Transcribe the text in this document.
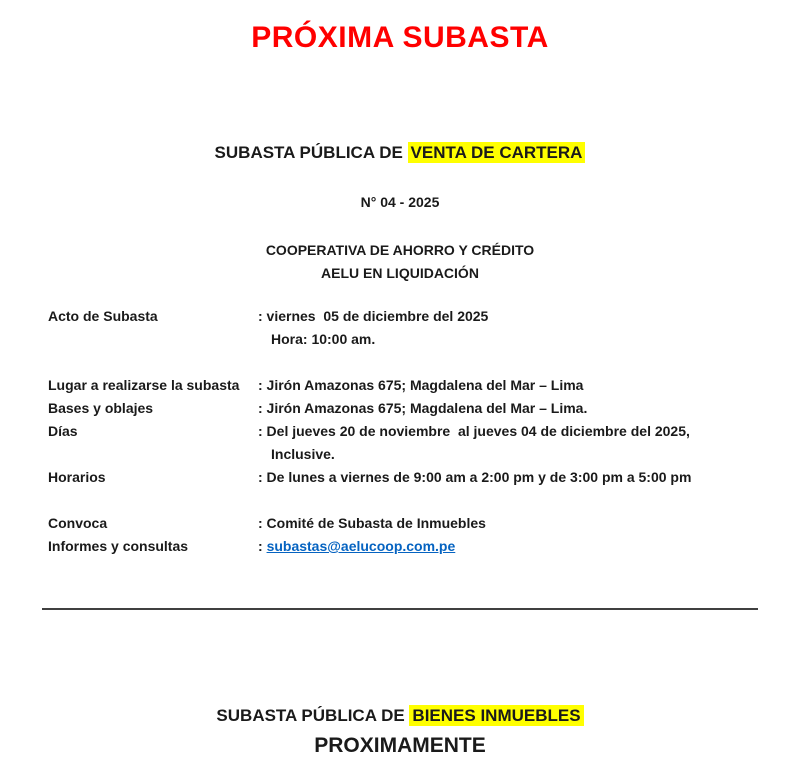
PRÓXIMA SUBASTA
SUBASTA PÚBLICA DE VENTA DE CARTERA
N° 04 - 2025
COOPERATIVA DE AHORRO Y CRÉDITO
AELU EN LIQUIDACIÓN
Acto de Subasta	: viernes  05 de diciembre del 2025
Hora: 10:00 am.
Lugar a realizarse la subasta	: Jirón Amazonas 675; Magdalena del Mar – Lima
Bases y oblajes	: Jirón Amazonas 675; Magdalena del Mar – Lima.
Días	: Del jueves 20 de noviembre  al jueves 04 de diciembre del 2025,
Inclusive.
Horarios	: De lunes a viernes de 9:00 am a 2:00 pm y de 3:00 pm a 5:00 pm
Convoca	: Comité de Subasta de Inmuebles
Informes y consultas	: subastas@aelucoop.com.pe
SUBASTA PÚBLICA DE BIENES INMUEBLES
PROXIMAMENTE
